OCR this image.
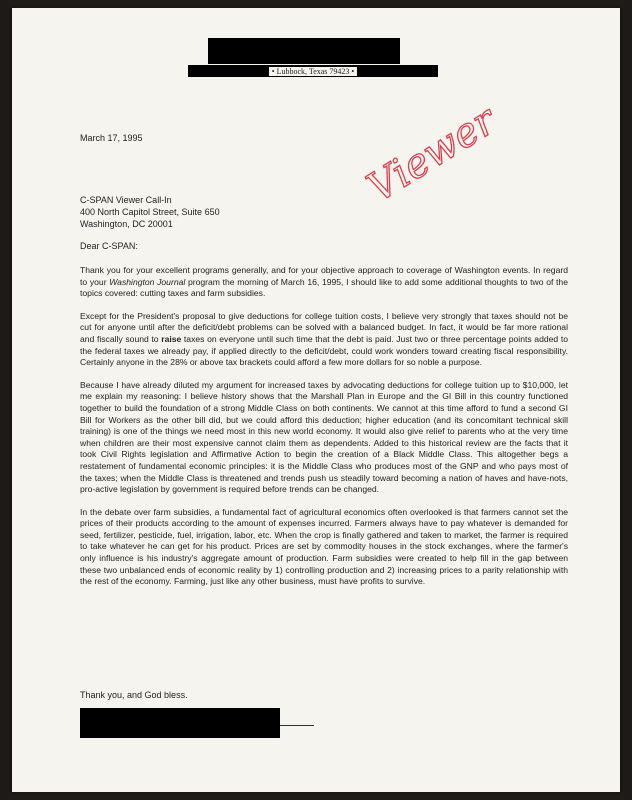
• Lubbock, Texas 79423 •
March 17, 1995	Viewer
C-SPAN Viewer Call-In
400 North Capitol Street, Suite 650
Washington, DC 20001
Dear C-SPAN:

Thank you for your excellent programs generally, and for your objective approach to coverage of Washington events. In regard to your Washington Journal program the morning of March 16, 1995, I should like to add some additional thoughts to two of the topics covered: cutting taxes and farm subsidies.

Except for the President's proposal to give deductions for college tuition costs, I believe very strongly that taxes should not be cut for anyone until after the deficit/debt problems can be solved with a balanced budget. In fact, it would be far more rational and fiscally sound to raise taxes on everyone until such time that the debt is paid. Just two or three percentage points added to the federal taxes we already pay, if applied directly to the deficit/debt, could work wonders toward creating fiscal responsibility. Certainly anyone in the 28% or above tax brackets could afford a few more dollars for so noble a purpose.

Because I have already diluted my argument for increased taxes by advocating deductions for college tuition up to $10,000, let me explain my reasoning: I believe history shows that the Marshall Plan in Europe and the GI Bill in this country functioned together to build the foundation of a strong Middle Class on both continents. We cannot at this time afford to fund a second GI Bill for Workers as the other bill did, but we could afford this deduction; higher education (and its concomitant technical skill training) is one of the things we need most in this new world economy. It would also give relief to parents who at the very time when children are their most expensive cannot claim them as dependents. Added to this historical review are the facts that it took Civil Rights legislation and Affirmative Action to begin the creation of a Black Middle Class. This altogether begs a restatement of fundamental economic principles: it is the Middle Class who produces most of the GNP and who pays most of the taxes; when the Middle Class is threatened and trends push us steadily toward becoming a nation of haves and have-nots, pro-active legislation by government is required before trends can be changed.

In the debate over farm subsidies, a fundamental fact of agricultural economics often overlooked is that farmers cannot set the prices of their products according to the amount of expenses incurred. Farmers always have to pay whatever is demanded for seed, fertilizer, pesticide, fuel, irrigation, labor, etc. When the crop is finally gathered and taken to market, the farmer is required to take whatever he can get for his product. Prices are set by commodity houses in the stock exchanges, where the farmer's only influence is his industry's aggregate amount of production. Farm subsidies were created to help fill in the gap between these two unbalanced ends of economic reality by 1) controlling production and 2) increasing prices to a parity relationship with the rest of the economy. Farming, just like any other business, must have profits to survive.

Thank you, and God bless.
